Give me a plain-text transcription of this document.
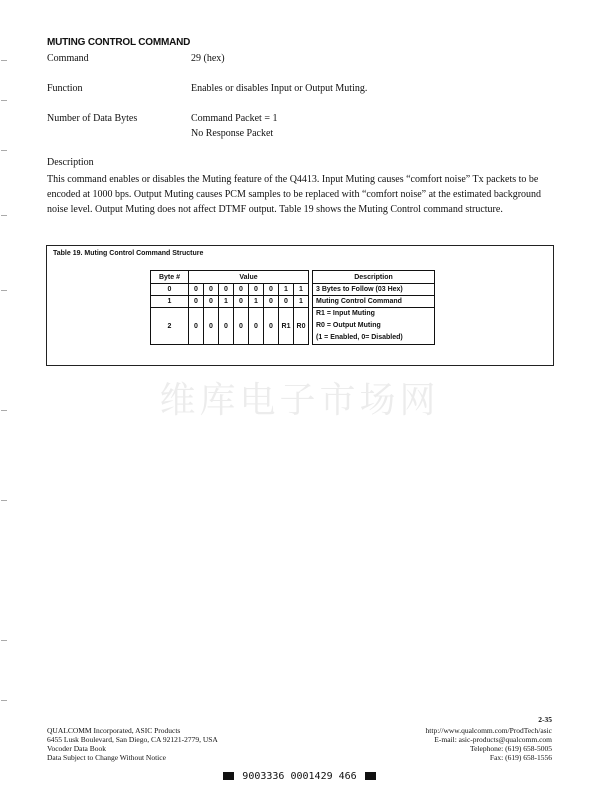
MUTING CONTROL COMMAND
Command	29 (hex)
Function	Enables or disables Input or Output Muting.
Number of Data Bytes	Command Packet = 1
No Response Packet
Description
This command enables or disables the Muting feature of the Q4413. Input Muting causes “comfort noise” Tx packets to be encoded at 1000 bps. Output Muting causes PCM samples to be replaced with “comfort noise” at the estimated background noise level. Output Muting does not affect DTMF output. Table 19 shows the Muting Control command structure.
Table 19. Muting Control Command Structure
Byte #	Value									Description
0	0	0	0	0	0	0	1	1		3 Bytes to Follow (03 Hex)
1	0	0	1	0	1	0	0	1		Muting Control Command
2	0	0	0	0	0	0	R1	R0		R1 = Input Muting
R0 = Output Muting
(1 = Enabled, 0= Disabled)
维库电子市场网
2-35
QUALCOMM Incorporated, ASIC Products
6455 Lusk Boulevard, San Diego, CA 92121-2779, USA
Vocoder Data Book
Data Subject to Change Without Notice
http://www.qualcomm.com/ProdTech/asic
E-mail: asic-products@qualcomm.com
Telephone: (619) 658-5005
Fax: (619) 658-1556
9003336 0001429 466
